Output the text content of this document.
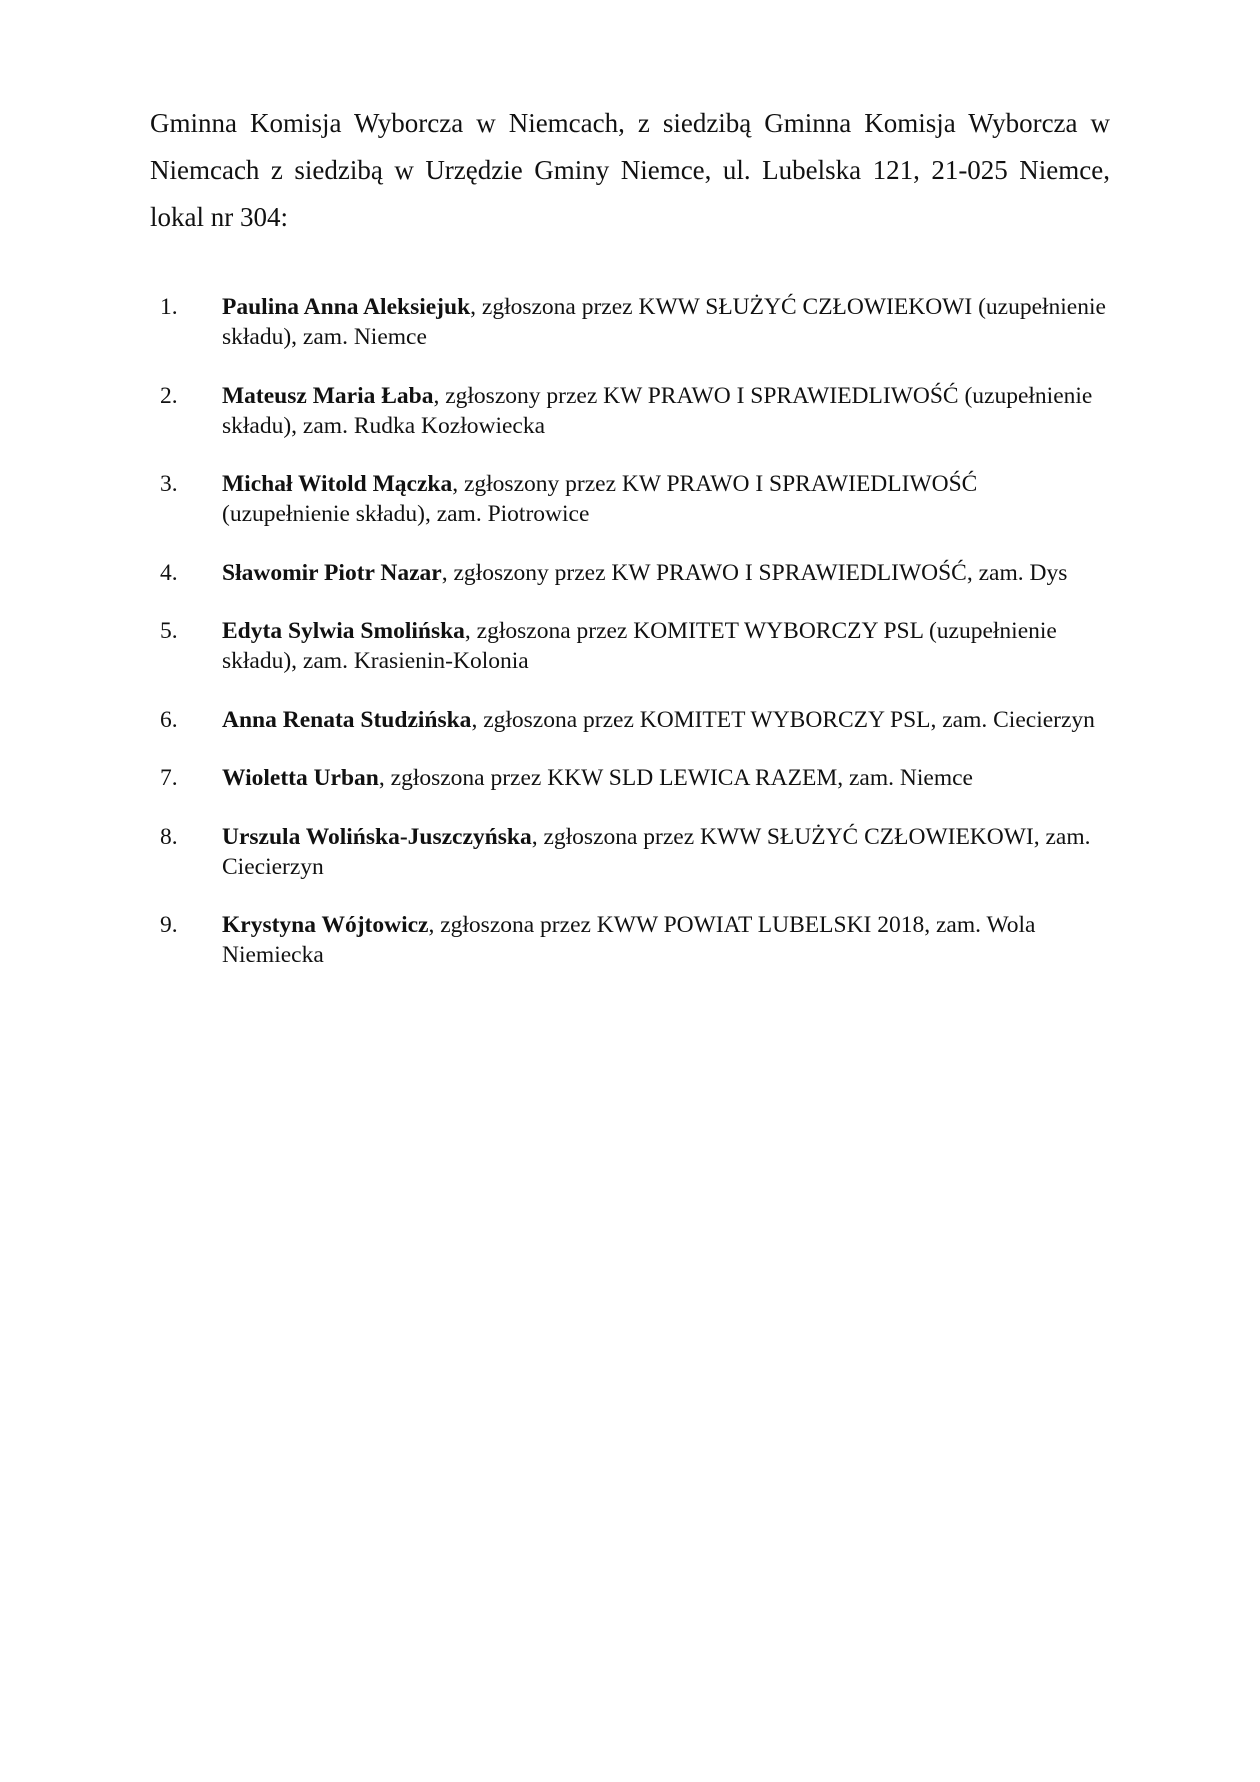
Gminna Komisja Wyborcza w Niemcach, z siedzibą Gminna Komisja Wyborcza w Niemcach z siedzibą w Urzędzie Gminy Niemce, ul. Lubelska 121, 21-025 Niemce, lokal nr 304:

1. Paulina Anna Aleksiejuk, zgłoszona przez KWW SŁUŻYĆ CZŁOWIEKOWI (uzupełnienie składu), zam. Niemce
2. Mateusz Maria Łaba, zgłoszony przez KW PRAWO I SPRAWIEDLIWOŚĆ (uzupełnienie składu), zam. Rudka Kozłowiecka
3. Michał Witold Mączka, zgłoszony przez KW PRAWO I SPRAWIEDLIWOŚĆ (uzupełnienie składu), zam. Piotrowice
4. Sławomir Piotr Nazar, zgłoszony przez KW PRAWO I SPRAWIEDLIWOŚĆ, zam. Dys
5. Edyta Sylwia Smolińska, zgłoszona przez KOMITET WYBORCZY PSL (uzupełnienie składu), zam. Krasienin-Kolonia
6. Anna Renata Studzińska, zgłoszona przez KOMITET WYBORCZY PSL, zam. Ciecierzyn
7. Wioletta Urban, zgłoszona przez KKW SLD LEWICA RAZEM, zam. Niemce
8. Urszula Wolińska-Juszczyńska, zgłoszona przez KWW SŁUŻYĆ CZŁOWIEKOWI, zam. Ciecierzyn
9. Krystyna Wójtowicz, zgłoszona przez KWW POWIAT LUBELSKI 2018, zam. Wola Niemiecka
